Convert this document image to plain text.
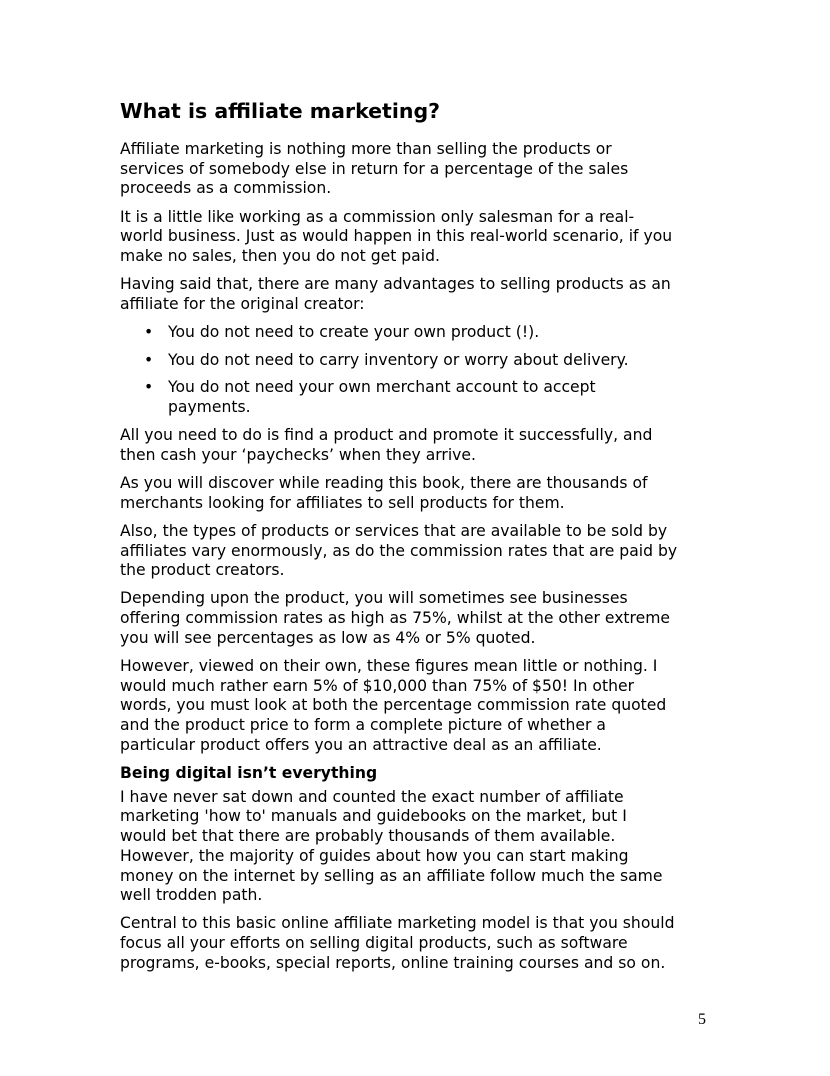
What is affiliate marketing?

Affiliate marketing is nothing more than selling the products or
services of somebody else in return for a percentage of the sales
proceeds as a commission.

It is a little like working as a commission only salesman for a real-
world business. Just as would happen in this real-world scenario, if you
make no sales, then you do not get paid.

Having said that, there are many advantages to selling products as an
affiliate for the original creator:

• You do not need to create your own product (!).
• You do not need to carry inventory or worry about delivery.
• You do not need your own merchant account to accept
payments.

All you need to do is find a product and promote it successfully, and
then cash your ‘paychecks’ when they arrive.

As you will discover while reading this book, there are thousands of
merchants looking for affiliates to sell products for them.

Also, the types of products or services that are available to be sold by
affiliates vary enormously, as do the commission rates that are paid by
the product creators.

Depending upon the product, you will sometimes see businesses
offering commission rates as high as 75%, whilst at the other extreme
you will see percentages as low as 4% or 5% quoted.

However, viewed on their own, these figures mean little or nothing. I
would much rather earn 5% of $10,000 than 75% of $50! In other
words, you must look at both the percentage commission rate quoted
and the product price to form a complete picture of whether a
particular product offers you an attractive deal as an affiliate.

Being digital isn’t everything

I have never sat down and counted the exact number of affiliate
marketing 'how to' manuals and guidebooks on the market, but I
would bet that there are probably thousands of them available.
However, the majority of guides about how you can start making
money on the internet by selling as an affiliate follow much the same
well trodden path.

Central to this basic online affiliate marketing model is that you should
focus all your efforts on selling digital products, such as software
programs, e-books, special reports, online training courses and so on.

5
